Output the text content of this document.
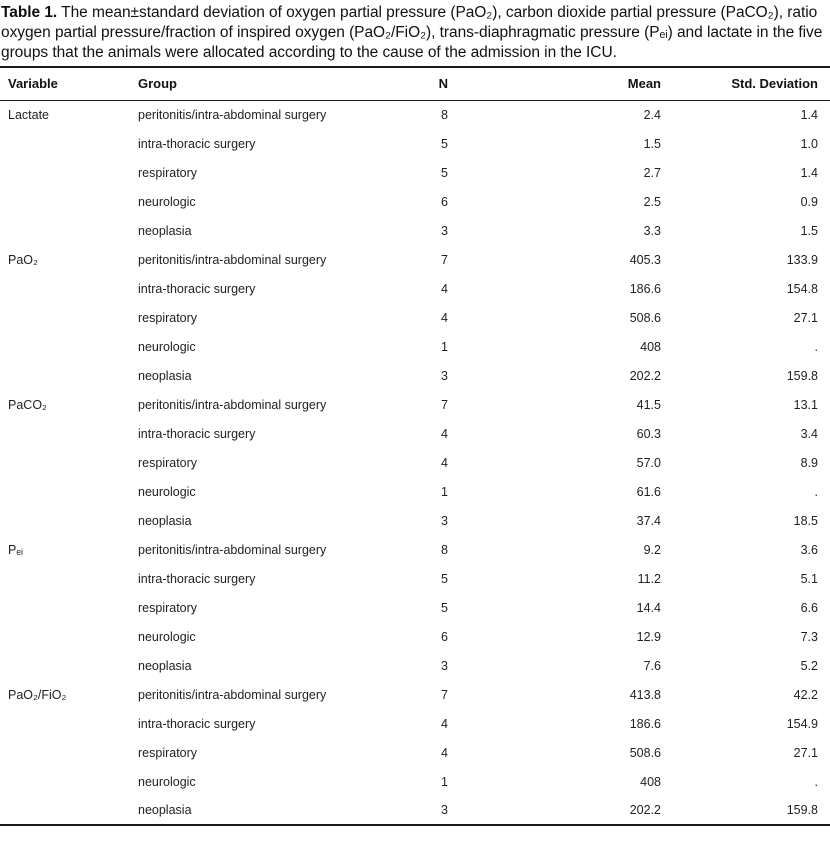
Table 1. The mean±standard deviation of oxygen partial pressure (PaO₂), carbon dioxide partial pressure (PaCO₂), ratio
oxygen partial pressure/fraction of inspired oxygen (PaO₂/FiO₂), trans-diaphragmatic pressure (Pₑᵢ) and lactate in the five
groups that the animals were allocated according to the cause of the admission in the ICU.
Variable	Group	N	Mean	Std. Deviation
Lactate	peritonitis/intra-abdominal surgery	8	2.4	1.4
	intra-thoracic surgery	5	1.5	1.0
	respiratory	5	2.7	1.4
	neurologic	6	2.5	0.9
	neoplasia	3	3.3	1.5
PaO₂	peritonitis/intra-abdominal surgery	7	405.3	133.9
	intra-thoracic surgery	4	186.6	154.8
	respiratory	4	508.6	27.1
	neurologic	1	408	.
	neoplasia	3	202.2	159.8
PaCO₂	peritonitis/intra-abdominal surgery	7	41.5	13.1
	intra-thoracic surgery	4	60.3	3.4
	respiratory	4	57.0	8.9
	neurologic	1	61.6	.
	neoplasia	3	37.4	18.5
Pₑᵢ	peritonitis/intra-abdominal surgery	8	9.2	3.6
	intra-thoracic surgery	5	11.2	5.1
	respiratory	5	14.4	6.6
	neurologic	6	12.9	7.3
	neoplasia	3	7.6	5.2
PaO₂/FiO₂	peritonitis/intra-abdominal surgery	7	413.8	42.2
	intra-thoracic surgery	4	186.6	154.9
	respiratory	4	508.6	27.1
	neurologic	1	408	.
	neoplasia	3	202.2	159.8
